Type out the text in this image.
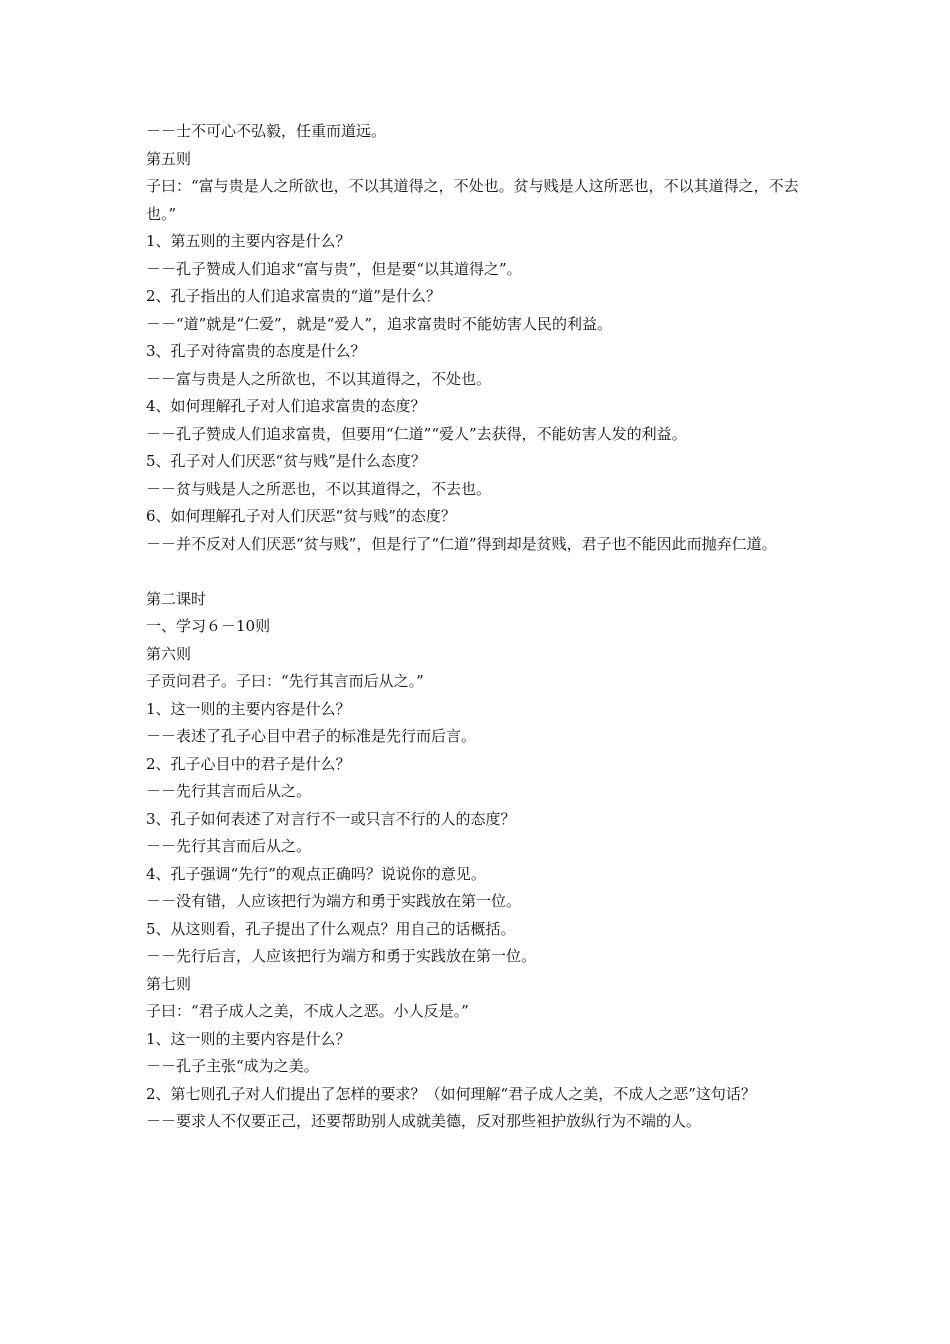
－－士不可心不弘毅，任重而道远。
第五则
子曰：“富与贵是人之所欲也，不以其道得之，不处也。贫与贱是人这所恶也，不以其道得之，不去也。”
1、第五则的主要内容是什么？
－－孔子赞成人们追求“富与贵”，但是要“以其道得之”。
2、孔子指出的人们追求富贵的“道”是什么？
－－“道”就是“仁爱”，就是“爱人”，追求富贵时不能妨害人民的利益。
3、孔子对待富贵的态度是什么？
－－富与贵是人之所欲也，不以其道得之，不处也。
4、如何理解孔子对人们追求富贵的态度？
－－孔子赞成人们追求富贵，但要用“仁道”“爱人”去获得，不能妨害人发的利益。
5、孔子对人们厌恶“贫与贱”是什么态度？
－－贫与贱是人之所恶也，不以其道得之，不去也。
6、如何理解孔子对人们厌恶“贫与贱”的态度？
－－并不反对人们厌恶“贫与贱”，但是行了“仁道”得到却是贫贱，君子也不能因此而抛弃仁道。
第二课时
一、学习６－10则
第六则
子贡问君子。子曰：“先行其言而后从之。”
1、这一则的主要内容是什么？
－－表述了孔子心目中君子的标准是先行而后言。
2、孔子心目中的君子是什么？
－－先行其言而后从之。
3、孔子如何表述了对言行不一或只言不行的人的态度？
－－先行其言而后从之。
4、孔子强调“先行”的观点正确吗？说说你的意见。
－－没有错，人应该把行为端方和勇于实践放在第一位。
5、从这则看，孔子提出了什么观点？用自己的话概括。
－－先行后言，人应该把行为端方和勇于实践放在第一位。
第七则
子曰：“君子成人之美，不成人之恶。小人反是。”
1、这一则的主要内容是什么？
－－孔子主张“成为之美。
2、第七则孔子对人们提出了怎样的要求？（如何理解“君子成人之美，不成人之恶”这句话？
－－要求人不仅要正己，还要帮助别人成就美德，反对那些袒护放纵行为不端的人。
